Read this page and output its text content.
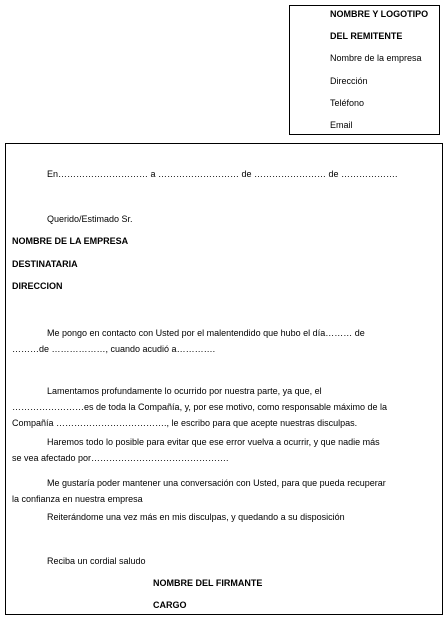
NOMBRE Y LOGOTIPO
DEL REMITENTE
Nombre de la empresa
Dirección
Teléfono
Email
En………………………… a ……………………… de …………………… de ……………….
Querido/Estimado Sr.
NOMBRE DE LA EMPRESA
DESTINATARIA
DIRECCION
Me pongo en contacto con Usted por el malentendido que hubo el día……… de
………de ………………, cuando acudió a………….
Lamentamos profundamente lo ocurrido por nuestra parte, ya que, el
……………………es de toda la Compañía, y, por ese motivo, como responsable máximo de la
Compañía ………………………………., le escribo para que acepte nuestras disculpas.
Haremos todo lo posible para evitar que ese error vuelva a ocurrir, y que nadie más
se vea afectado por……………………………………….
Me gustaría poder mantener una conversación con Usted, para que pueda recuperar
la confianza en nuestra empresa
Reiterándome una vez más en mis disculpas, y quedando a su disposición
Reciba un cordial saludo
NOMBRE DEL FIRMANTE
CARGO
